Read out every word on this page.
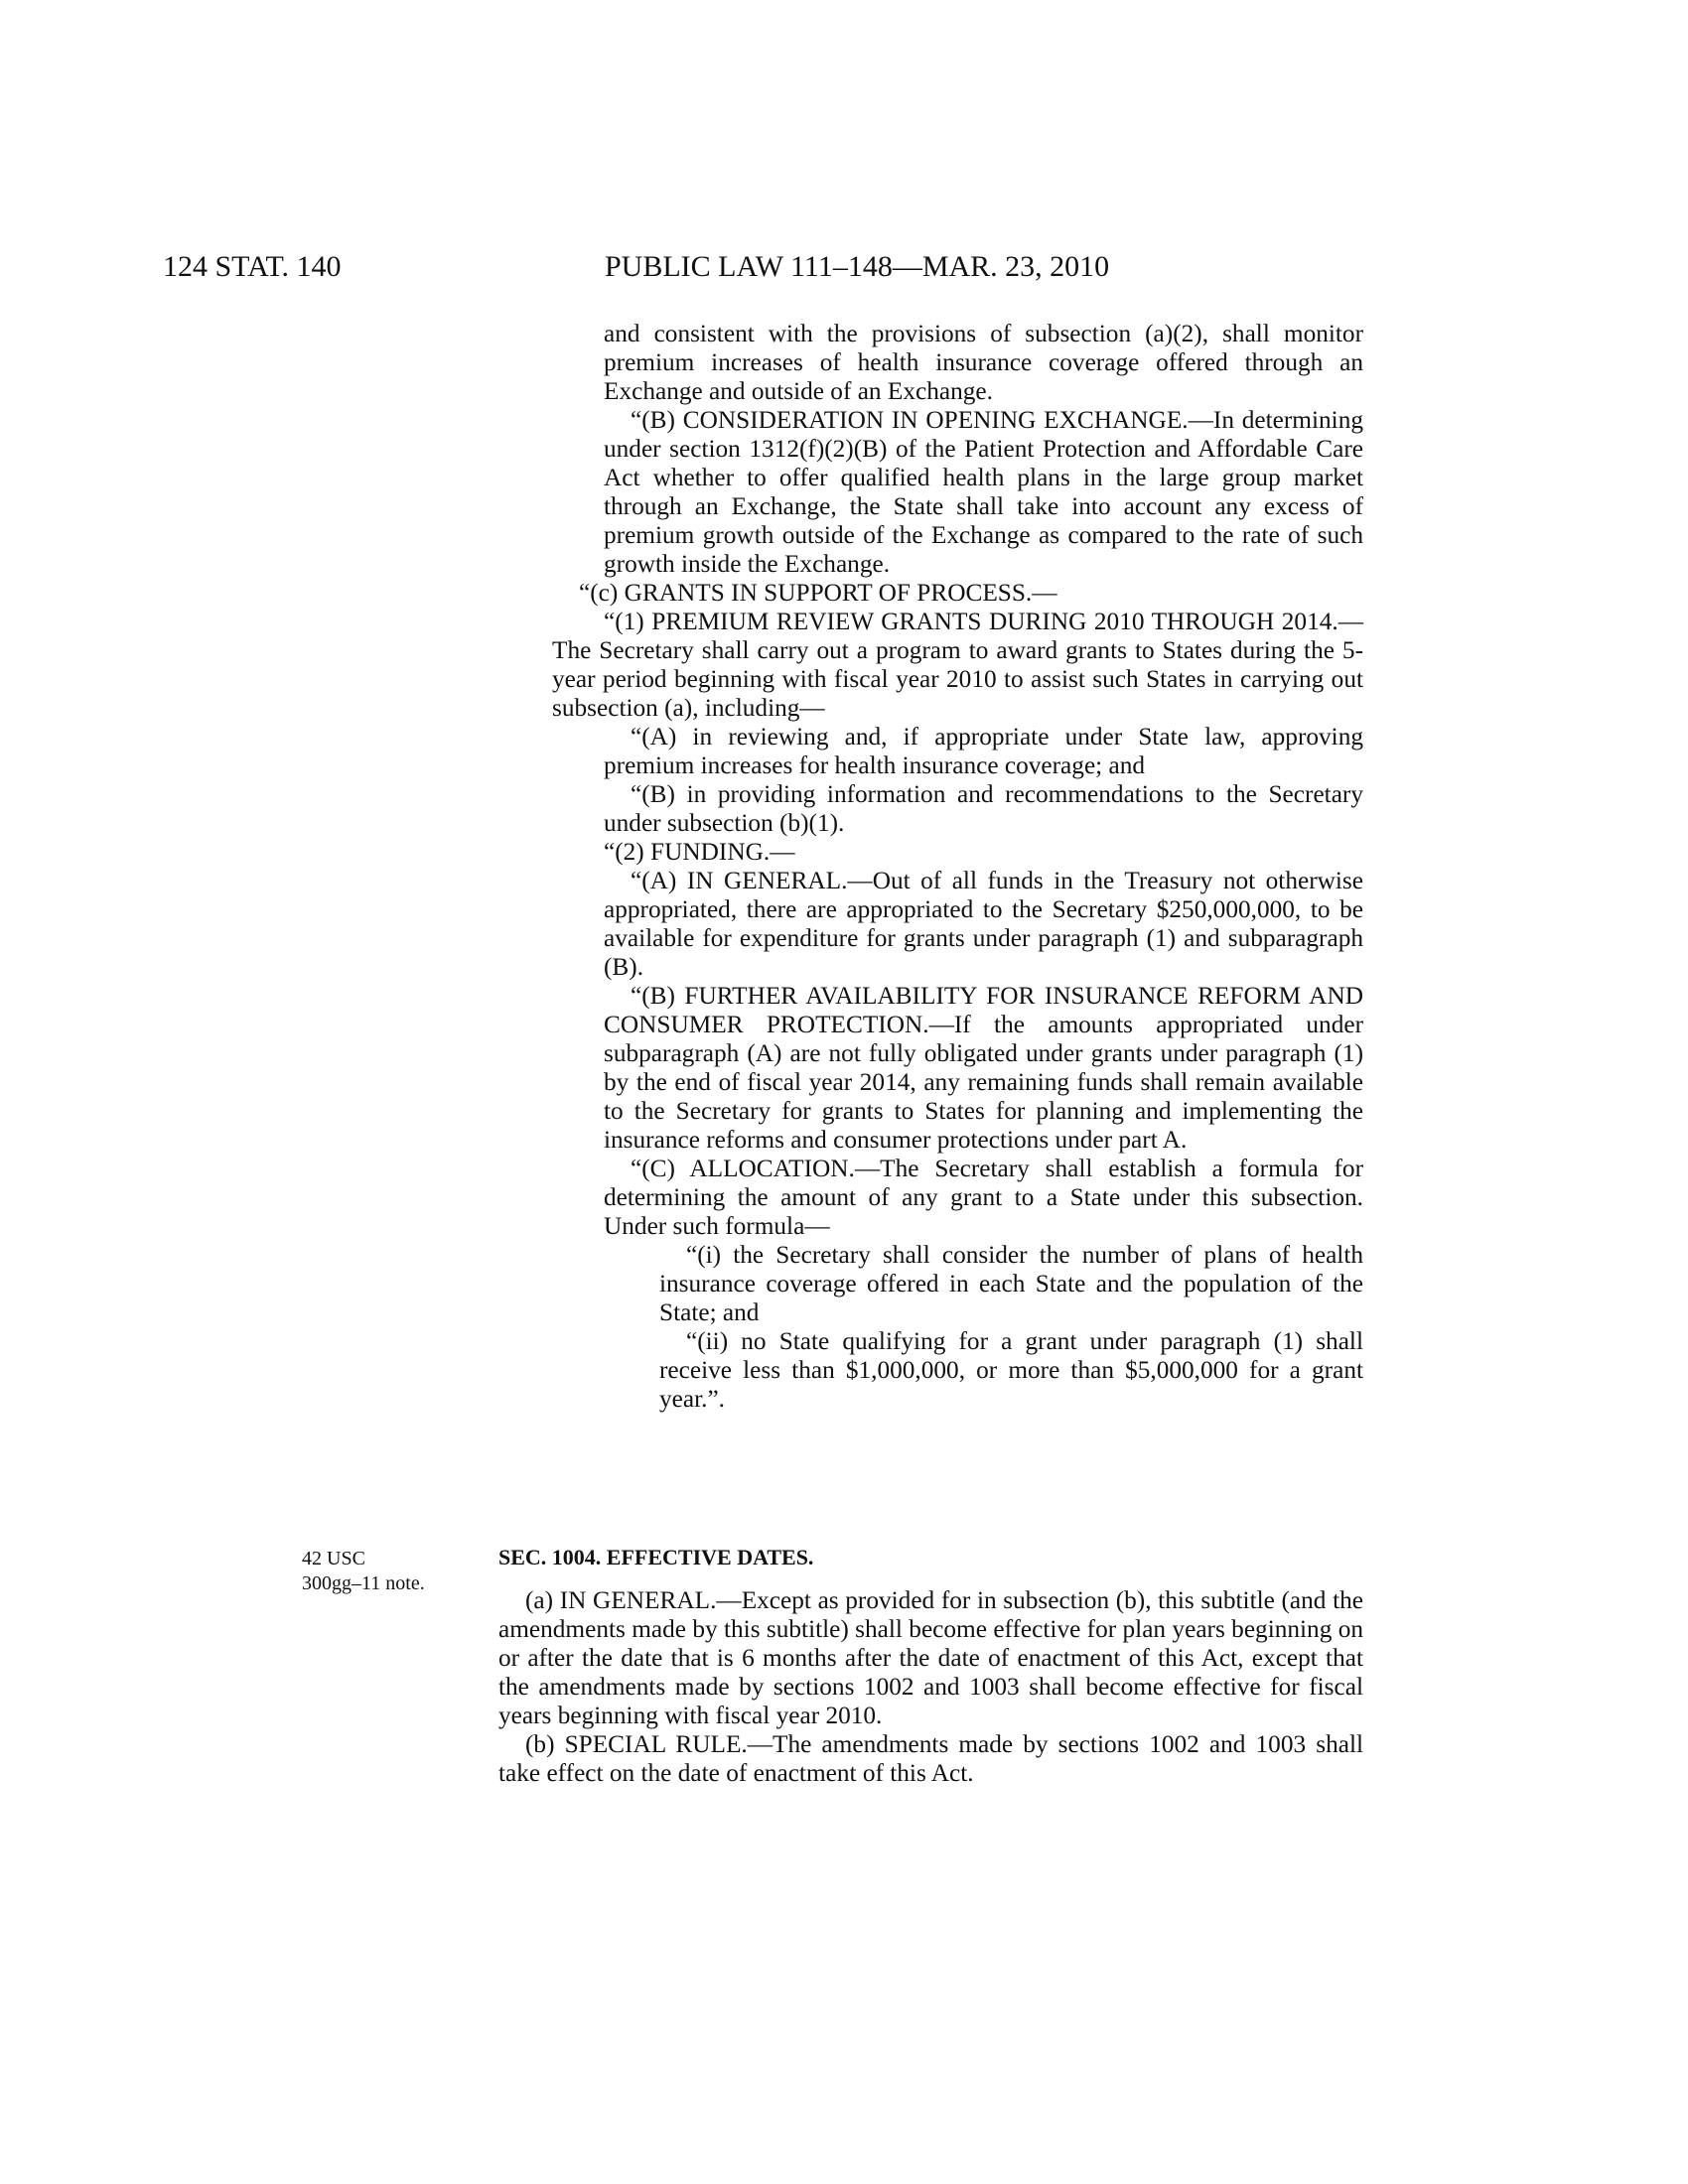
124 STAT. 140	PUBLIC LAW 111–148—MAR. 23, 2010

and consistent with the provisions of subsection (a)(2), shall monitor premium increases of health insurance coverage offered through an Exchange and outside of an Exchange.

“(B) CONSIDERATION IN OPENING EXCHANGE.—In determining under section 1312(f)(2)(B) of the Patient Protection and Affordable Care Act whether to offer qualified health plans in the large group market through an Exchange, the State shall take into account any excess of premium growth outside of the Exchange as compared to the rate of such growth inside the Exchange.

“(c) GRANTS IN SUPPORT OF PROCESS.—

“(1) PREMIUM REVIEW GRANTS DURING 2010 THROUGH 2014.— The Secretary shall carry out a program to award grants to States during the 5-year period beginning with fiscal year 2010 to assist such States in carrying out subsection (a), including—

“(A) in reviewing and, if appropriate under State law, approving premium increases for health insurance coverage; and

“(B) in providing information and recommendations to the Secretary under subsection (b)(1).

“(2) FUNDING.—

“(A) IN GENERAL.—Out of all funds in the Treasury not otherwise appropriated, there are appropriated to the Secretary $250,000,000, to be available for expenditure for grants under paragraph (1) and subparagraph (B).

“(B) FURTHER AVAILABILITY FOR INSURANCE REFORM AND CONSUMER PROTECTION.—If the amounts appropriated under subparagraph (A) are not fully obligated under grants under paragraph (1) by the end of fiscal year 2014, any remaining funds shall remain available to the Secretary for grants to States for planning and implementing the insurance reforms and consumer protections under part A.

“(C) ALLOCATION.—The Secretary shall establish a formula for determining the amount of any grant to a State under this subsection. Under such formula—

“(i) the Secretary shall consider the number of plans of health insurance coverage offered in each State and the population of the State; and

“(ii) no State qualifying for a grant under paragraph (1) shall receive less than $1,000,000, or more than $5,000,000 for a grant year.”.

42 USC
300gg–11 note.
SEC. 1004. EFFECTIVE DATES.

(a) IN GENERAL.—Except as provided for in subsection (b), this subtitle (and the amendments made by this subtitle) shall become effective for plan years beginning on or after the date that is 6 months after the date of enactment of this Act, except that the amendments made by sections 1002 and 1003 shall become effective for fiscal years beginning with fiscal year 2010.

(b) SPECIAL RULE.—The amendments made by sections 1002 and 1003 shall take effect on the date of enactment of this Act.
